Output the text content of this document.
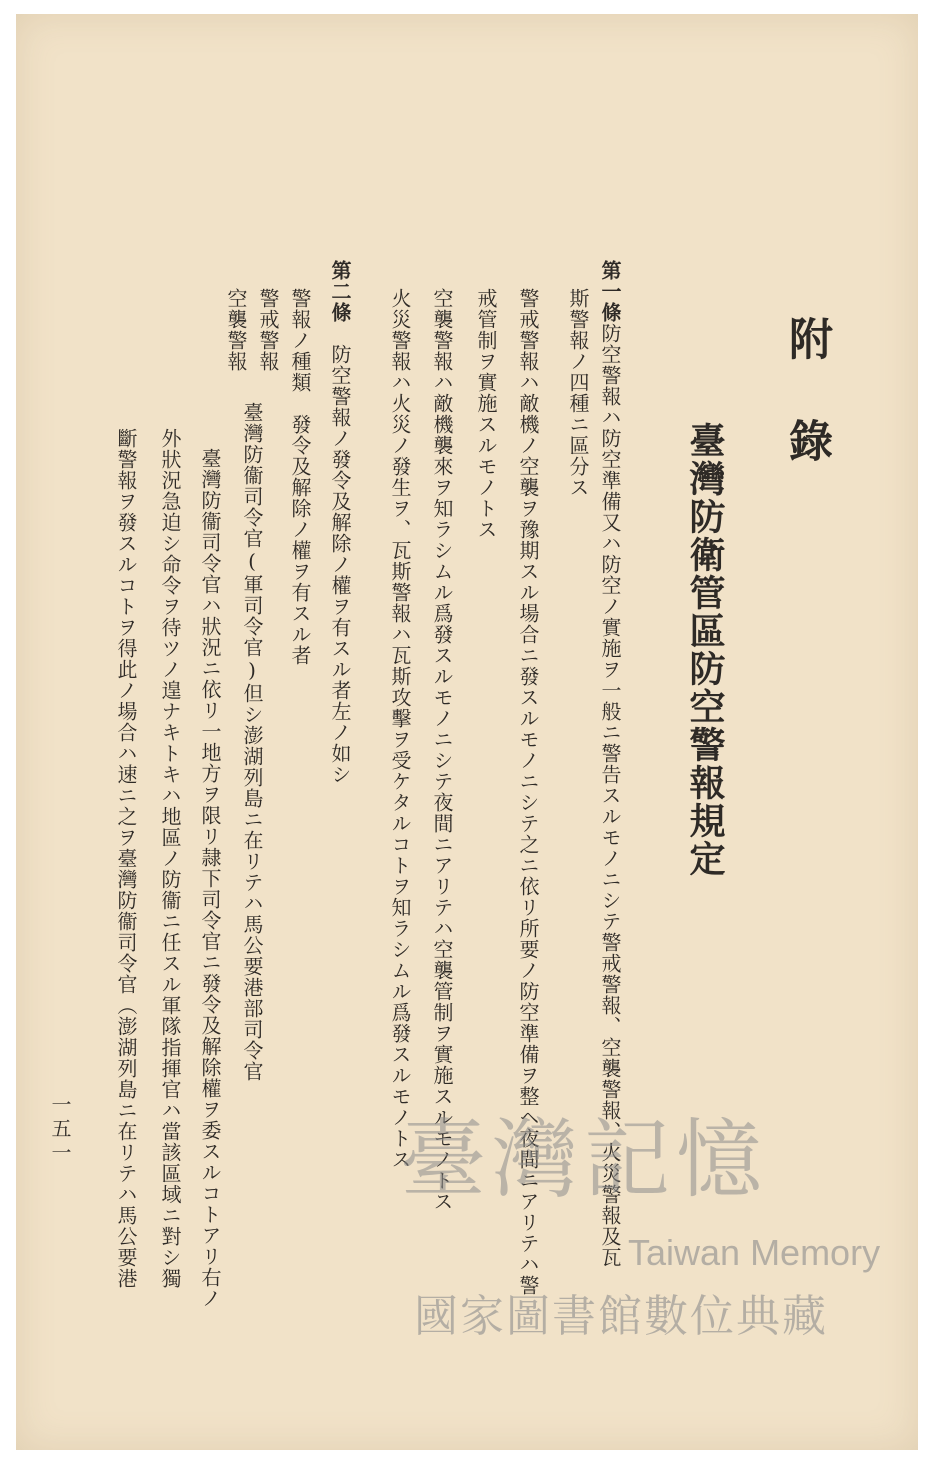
附錄
臺灣防衛管區防空警報規定
第一條防空警報ハ防空準備又ハ防空ノ實施ヲ一般ニ警告スルモノニシテ警戒警報、空襲警報、火災警報及瓦
斯警報ノ四種ニ區分ス
警戒警報ハ敵機ノ空襲ヲ豫期スル場合ニ發スルモノニシテ之ニ依リ所要ノ防空準備ヲ整ヘ夜間ニアリテハ警
戒管制ヲ實施スルモノトス
空襲警報ハ敵機襲來ヲ知ラシムル爲發スルモノニシテ夜間ニアリテハ空襲管制ヲ實施スルモノトス
火災警報ハ火災ノ發生ヲ、瓦斯警報ハ瓦斯攻擊ヲ受ケタルコトヲ知ラシムル爲發スルモノトス
第二條　防空警報ノ發令及解除ノ權ヲ有スル者左ノ如シ
警報ノ種類　發令及解除ノ權ヲ有スル者
警戒警報
空襲警報
臺灣防衞司令官(軍司令官)但シ澎湖列島ニ在リテハ馬公要港部司令官
臺灣防衞司令官ハ狀況ニ依リ一地方ヲ限リ隷下司令官ニ發令及解除權ヲ委スルコトアリ右ノ
外狀況急迫シ命令ヲ待ツノ遑ナキトキハ地區ノ防衞ニ任スル軍隊指揮官ハ當該區域ニ對シ獨
斷警報ヲ發スルコトヲ得此ノ場合ハ速ニ之ヲ臺灣防衞司令官（澎湖列島ニ在リテハ馬公要港
一五一	臺灣記憶
Taiwan Memory
國家圖書館數位典藏
